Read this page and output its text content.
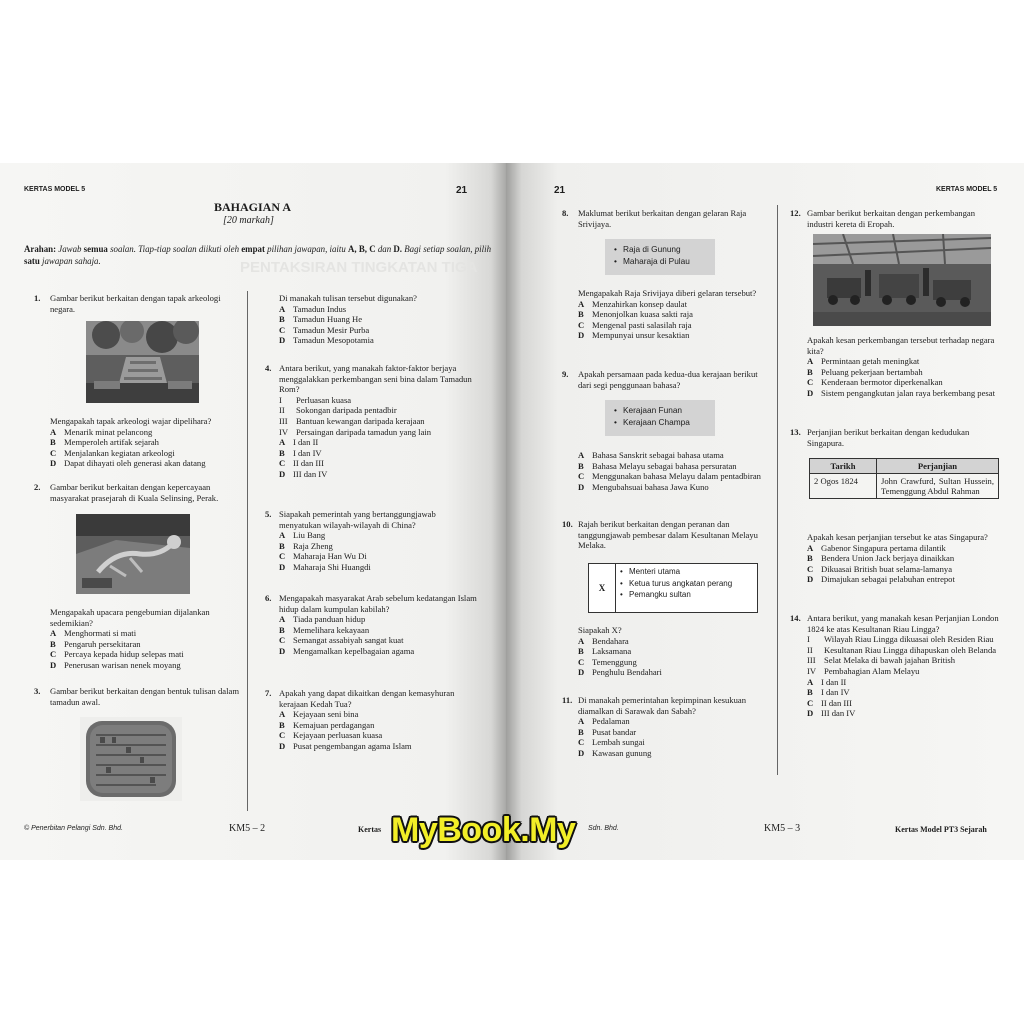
PENTAKSIRAN TINGKATAN TIGA
KERTAS MODEL 5	21
BAHAGIAN A
[20 markah]
Arahan: Jawab semua soalan. Tiap-tiap soalan diikuti oleh empat pilihan jawapan, iaitu A, B, C dan D. Bagi setiap soalan, pilih satu jawapan sahaja.
1.	Gambar berikut berkaitan dengan tapak arkeologi negara.
Mengapakah tapak arkeologi wajar dipelihara?
A Menarik minat pelancong
B Memperoleh artifak sejarah
C Menjalankan kegiatan arkeologi
D Dapat dihayati oleh generasi akan datang
2.	Gambar berikut berkaitan dengan kepercayaan masyarakat prasejarah di Kuala Selinsing, Perak.
Mengapakah upacara pengebumian dijalankan sedemikian?
A Menghormati si mati
B Pengaruh persekitaran
C Percaya kepada hidup selepas mati
D Penerusan warisan nenek moyang
3.	Gambar berikut berkaitan dengan bentuk tulisan dalam tamadun awal.
Di manakah tulisan tersebut digunakan?
A Tamadun Indus
B Tamadun Huang He
C Tamadun Mesir Purba
D Tamadun Mesopotamia
4. Antara berikut, yang manakah faktor-faktor berjaya menggalakkan perkembangan seni bina dalam Tamadun Rom?
I	Perluasan kuasa
II	Sokongan daripada pentadbir
III Bantuan kewangan daripada kerajaan
IV Persaingan daripada tamadun yang lain
A I dan II
B I dan IV
C II dan III
D III dan IV
5. Siapakah pemerintah yang bertanggungjawab menyatukan wilayah-wilayah di China?
A Liu Bang
B Raja Zheng
C Maharaja Han Wu Di
D Maharaja Shi Huangdi
6. Mengapakah masyarakat Arab sebelum kedatangan Islam hidup dalam kumpulan kabilah?
A Tiada panduan hidup
B Memelihara kekayaan
C Semangat assabiyah sangat kuat
D Mengamalkan kepelbagaian agama
7. Apakah yang dapat dikaitkan dengan kemasyhuran kerajaan Kedah Tua?
A Kejayaan seni bina
B Kemajuan perdagangan
C Kejayaan perluasan kuasa
D Pusat pengembangan agama Islam
© Penerbitan Pelangi Sdn. Bhd.	KM5 – 2	Kertas
21	KERTAS MODEL 5
8.	Maklumat berikut berkaitan dengan gelaran Raja Srivijaya.
• Raja di Gunung
• Maharaja di Pulau
Mengapakah Raja Srivijaya diberi gelaran tersebut?
A Menzahirkan konsep daulat
B Menonjolkan kuasa sakti raja
C Mengenal pasti salasilah raja
D Mempunyai unsur kesaktian
9.	Apakah persamaan pada kedua-dua kerajaan berikut dari segi penggunaan bahasa?
• Kerajaan Funan
• Kerajaan Champa
A Bahasa Sanskrit sebagai bahasa utama
B Bahasa Melayu sebagai bahasa persuratan
C Menggunakan bahasa Melayu dalam pentadbiran
D Mengubahsuai bahasa Jawa Kuno
10. Rajah berikut berkaitan dengan peranan dan tanggungjawab pembesar dalam Kesultanan Melayu Melaka.
X
• Menteri utama
• Ketua turus angkatan perang
• Pemangku sultan
Siapakah X?
A Bendahara
B Laksamana
C Temenggung
D Penghulu Bendahari
11. Di manakah pemerintahan kepimpinan kesukuan diamalkan di Sarawak dan Sabah?
A Pedalaman
B Pusat bandar
C Lembah sungai
D Kawasan gunung
12. Gambar berikut berkaitan dengan perkembangan industri kereta di Eropah.
Apakah kesan perkembangan tersebut terhadap negara kita?
A Permintaan getah meningkat
B Peluang pekerjaan bertambah
C Kenderaan bermotor diperkenalkan
D Sistem pengangkutan jalan raya berkembang pesat
13. Perjanjian berikut berkaitan dengan kedudukan Singapura.
Tarikh	Perjanjian
2 Ogos 1824	John Crawfurd, Sultan Hussein, Temenggung Abdul Rahman
Apakah kesan perjanjian tersebut ke atas Singapura?
A Gabenor Singapura pertama dilantik
B Bendera Union Jack berjaya dinaikkan
C Dikuasai British buat selama-lamanya
D Dimajukan sebagai pelabuhan entrepot
14. Antara berikut, yang manakah kesan Perjanjian London 1824 ke atas Kesultanan Riau Lingga?
I	Wilayah Riau Lingga dikuasai oleh Residen Riau
II	Kesultanan Riau Lingga dihapuskan oleh Belanda
III Selat Melaka di bawah jajahan British
IV Pembahagian Alam Melayu
A I dan II
B I dan IV
C II dan III
D III dan IV
Sdn. Bhd.	KM5 – 3	Kertas Model PT3 Sejarah
MyBook.My
